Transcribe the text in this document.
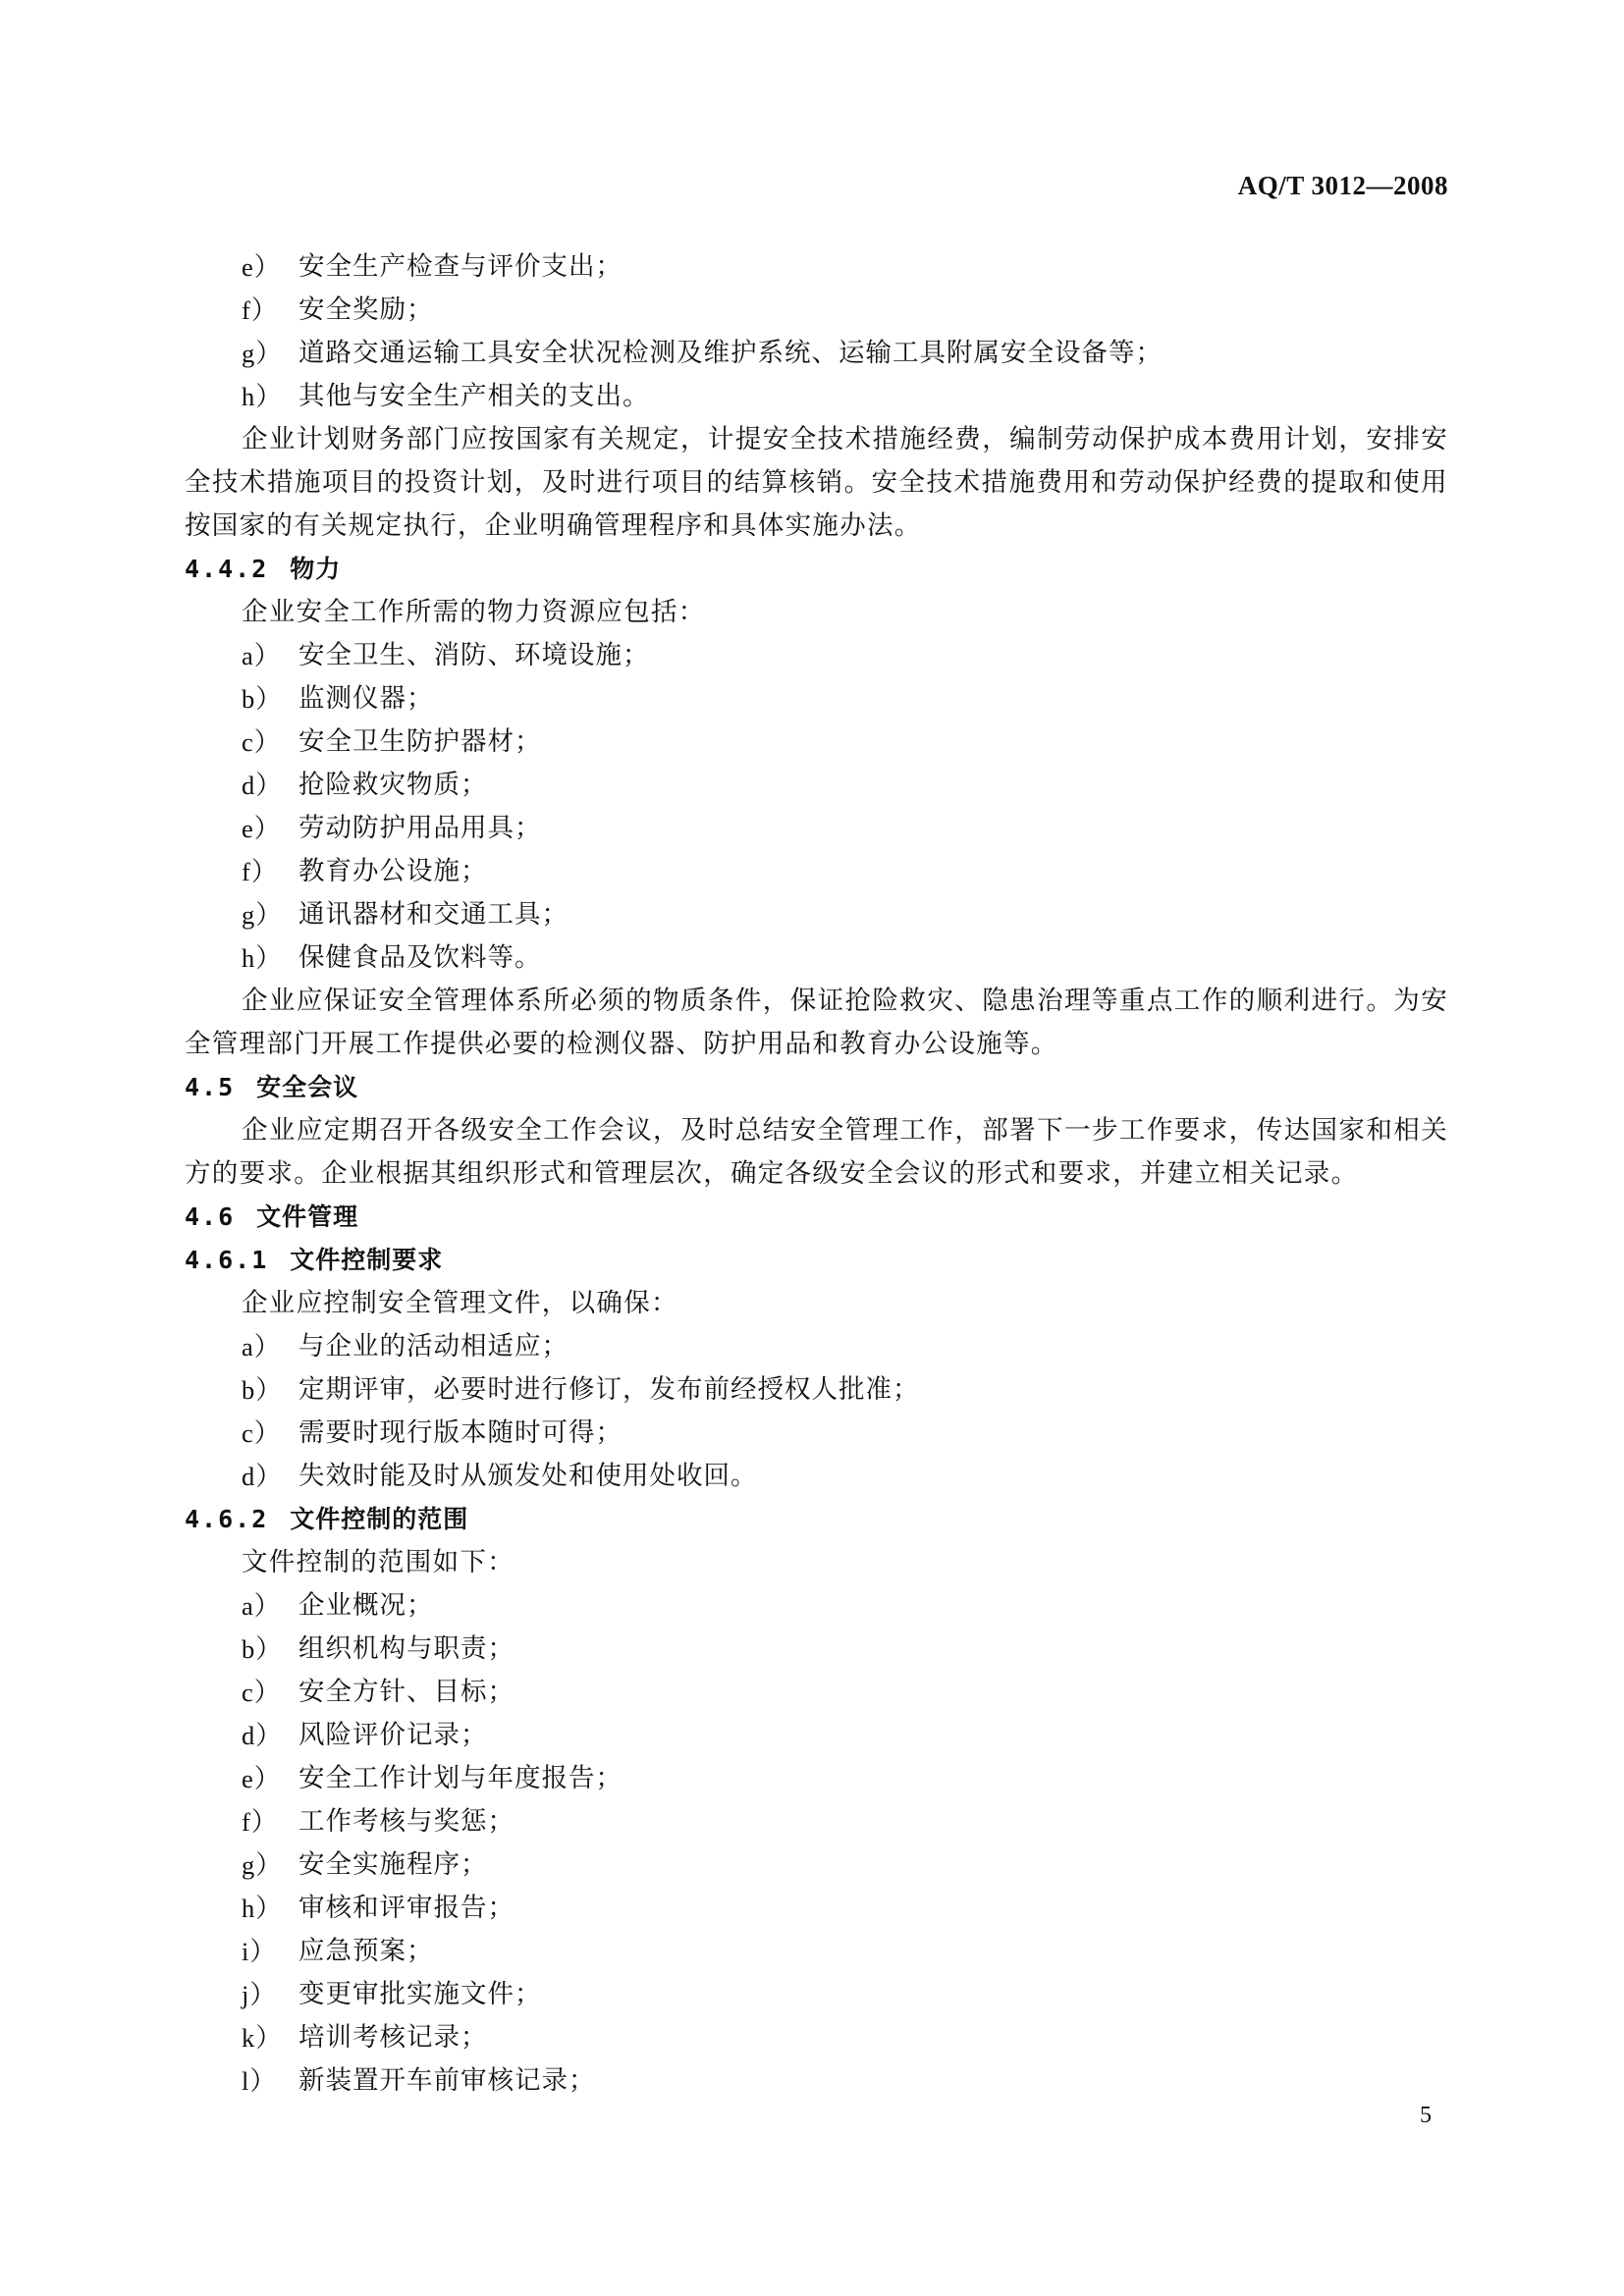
AQ/T 3012—2008
e） 安全生产检查与评价支出；
f） 安全奖励；
g） 道路交通运输工具安全状况检测及维护系统、运输工具附属安全设备等；
h） 其他与安全生产相关的支出。
企业计划财务部门应按国家有关规定，计提安全技术措施经费，编制劳动保护成本费用计划，安排安全技术措施项目的投资计划，及时进行项目的结算核销。安全技术措施费用和劳动保护经费的提取和使用按国家的有关规定执行，企业明确管理程序和具体实施办法。
4.4.2 物力
企业安全工作所需的物力资源应包括：
a） 安全卫生、消防、环境设施；
b） 监测仪器；
c） 安全卫生防护器材；
d） 抢险救灾物质；
e） 劳动防护用品用具；
f） 教育办公设施；
g） 通讯器材和交通工具；
h） 保健食品及饮料等。
企业应保证安全管理体系所必须的物质条件，保证抢险救灾、隐患治理等重点工作的顺利进行。为安全管理部门开展工作提供必要的检测仪器、防护用品和教育办公设施等。
4.5 安全会议
企业应定期召开各级安全工作会议，及时总结安全管理工作，部署下一步工作要求，传达国家和相关方的要求。企业根据其组织形式和管理层次，确定各级安全会议的形式和要求，并建立相关记录。
4.6 文件管理
4.6.1 文件控制要求
企业应控制安全管理文件，以确保：
a） 与企业的活动相适应；
b） 定期评审，必要时进行修订，发布前经授权人批准；
c） 需要时现行版本随时可得；
d） 失效时能及时从颁发处和使用处收回。
4.6.2 文件控制的范围
文件控制的范围如下：
a） 企业概况；
b） 组织机构与职责；
c） 安全方针、目标；
d） 风险评价记录；
e） 安全工作计划与年度报告；
f） 工作考核与奖惩；
g） 安全实施程序；
h） 审核和评审报告；
i） 应急预案；
j） 变更审批实施文件；
k） 培训考核记录；
l） 新装置开车前审核记录；
5
